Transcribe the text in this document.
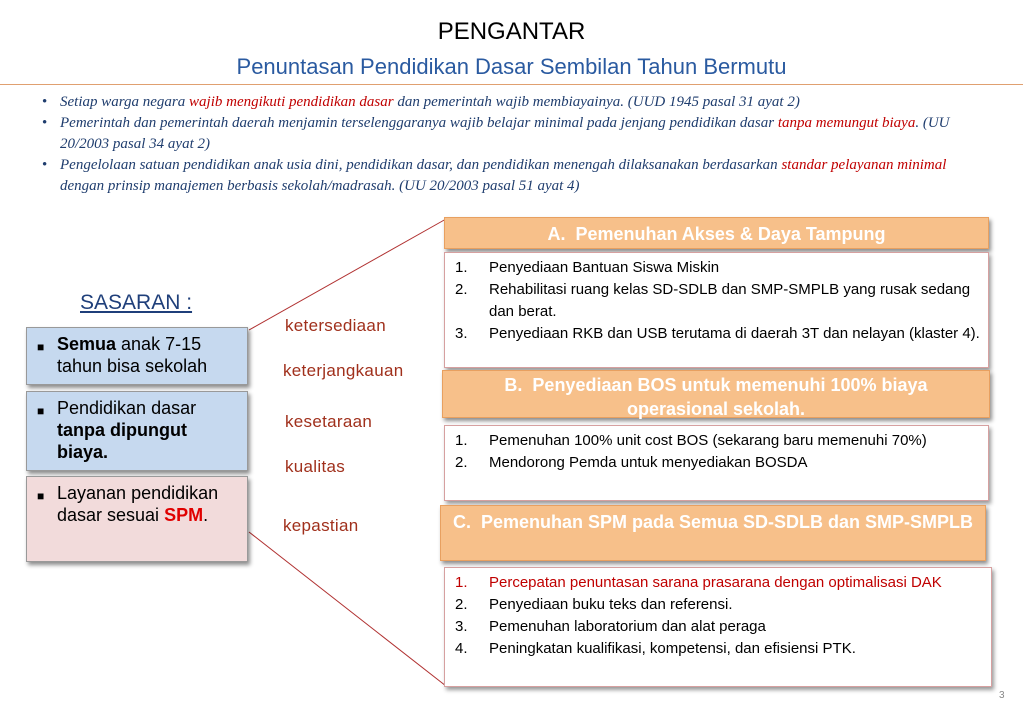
PENGANTAR
Penuntasan Pendidikan Dasar Sembilan Tahun Bermutu
• Setiap warga negara wajib mengikuti pendidikan dasar dan pemerintah wajib membiayainya. (UUD 1945 pasal 31 ayat 2)
• Pemerintah dan pemerintah daerah menjamin terselenggaranya wajib belajar minimal pada jenjang pendidikan dasar tanpa memungut biaya. (UU 20/2003 pasal 34 ayat 2)
• Pengelolaan satuan pendidikan anak usia dini, pendidikan dasar, dan pendidikan menengah dilaksanakan berdasarkan standar pelayanan minimal dengan prinsip manajemen berbasis sekolah/madrasah. (UU 20/2003 pasal 51 ayat 4)
SASARAN :
■ Semua anak 7-15 tahun bisa sekolah
■ Pendidikan dasar tanpa dipungut biaya.
■ Layanan pendidikan dasar sesuai SPM.
ketersediaan
keterjangkauan
kesetaraan
kualitas
kepastian
A.  Pemenuhan Akses & Daya Tampung
1. Penyediaan Bantuan Siswa Miskin
2. Rehabilitasi ruang kelas SD-SDLB dan SMP-SMPLB yang rusak sedang dan berat.
3. Penyediaan RKB dan USB terutama di daerah 3T dan nelayan (klaster 4).
B.  Penyediaan BOS untuk memenuhi 100% biaya operasional sekolah.
1. Pemenuhan 100% unit cost BOS (sekarang baru memenuhi 70%)
2. Mendorong Pemda untuk menyediakan BOSDA
C.  Pemenuhan SPM pada Semua SD-SDLB dan SMP-SMPLB
1. Percepatan penuntasan sarana prasarana dengan optimalisasi DAK
2. Penyediaan buku teks dan referensi.
3. Pemenuhan laboratorium dan alat peraga
4. Peningkatan kualifikasi, kompetensi, dan efisiensi PTK.
3
